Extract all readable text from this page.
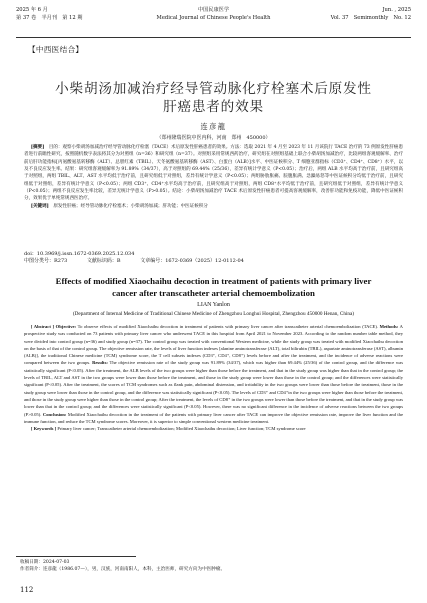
2025 年 6 月
第 37 卷　半月刊　第 12 期
中国民康医学
Medical Journal of Chinese People's Health
Jun. , 2025
Vol. 37　Semimonthly　No. 12
【中西医结合】
小柴胡汤加减治疗经导管动脉化疗栓塞术后原发性
肝癌患者的效果
连彦龍
（郑州隆瑞医院中医内科，河南　郑州　450000）

[摘要]　 目的：观察小柴胡汤加减治疗经导管动脉化疗栓塞（TACE）术后原发性肝癌患者的效果。方法：选取 2021 年 4 月至 2023 年 11 月该院行 TACE 治疗的 73 例原发性肝癌患者进行前瞻性研究，按照随机数字表法将其分为对照组（n=36）和研究组（n=37）。对照组采用常规西药治疗，研究组在对照组基础上联合小柴胡汤加减治疗，比较两组客观缓解率、治疗前后肝功能指标[丙氨酸氨基转移酶（ALT）、总胆红素（TBIL）、天冬氨酸氨基转移酶（AST）、白蛋白（ALB）]水平、中医证候积分、T 细胞亚群指标（CD3⁺、CD4⁺、CD8⁺）水平，以及不良反应发生率。结果：研究组客观缓解率为 91.89%（34/37），高于对照组的 69.44%（25/36），差异有统计学意义（P<0.05）；治疗后，两组 ALB 水平均高于治疗前，且研究组高于对照组，两组 TBIL、ALT、AST 水平均低于治疗前，且研究组低于对照组，差异有统计学意义（P<0.05）；两组胁肋胀痛、脘腹胀满、急躁易怒等中医证候积分均低于治疗前，且研究组低于对照组，差异有统计学意义（P<0.05）；两组 CD3⁺、CD4⁺水平均高于治疗前，且研究组高于对照组，两组 CD8⁺水平均低于治疗前，且研究组低于对照组，差异有统计学意义（P<0.05）；两组不良反应发生率比较，差异无统计学意义（P>0.05）。结论：小柴胡汤加减治疗 TACE 术后原发性肝癌患者可提高客观缓解率，改善肝功能和免疫功能，降低中医证候积分，效果优于单纯常规西医治疗。

[关键词]　 原发性肝癌；经导管动脉化疗栓塞术；小柴胡汤加减；肝功能；中医证候积分

doi：10.3969/j.issn.1672-0369.2025.12.034
中图分类号：R273	文献标识码：B	文章编号：1672-0369（2025）12-0112-04
Effects of modified Xiaochaihu decoction in treatment of patients with primary liver
cancer after transcatheter arterial chemoembolization
LIAN Yanlon
(Department of Internal Medicine of Traditional Chinese Medicine of Zhengzhou Longhui Hospital, Zhengzhou 450000 Henan, China)

[ Abstract ] Objective: To observe effects of modified Xiaochaihu decoction in treatment of patients with primary liver cancer after transcatheter arterial chemoembolization (TACE). Methods: A prospective study was conducted on 73 patients with primary liver cancer who underwent TACE in this hospital from April 2021 to November 2023. According to the random number table method, they were divided into control group (n=36) and study group (n=37). The control group was treated with conventional Western medicine, while the study group was treated with modified Xiaochaihu decoction on the basis of that of the control group. The objective remission rate, the levels of liver function indexes [alanine aminotransferase (ALT), total bilirubin (TBIL), aspartate aminotransferase (AST), albumin (ALB)], the traditional Chinese medicine (TCM) syndrome score, the T cell subsets indexes (CD3⁺, CD4⁺, CD8⁺) levels before and after the treatment, and the incidence of adverse reactions were compared between the two groups. Results: The objective remission rate of the study group was 91.89% (34/37), which was higher than 69.44% (25/36) of the control group, and the difference was statistically significant (P<0.05). After the treatment, the ALB levels of the two groups were higher than those before the treatment, and that in the study group was higher than that in the control group; the levels of TBIL, ALT and AST in the two groups were lower than those before the treatment, and those in the study group were lower than those in the control group; and the differences were statistically significant (P<0.05). After the treatment, the scores of TCM syndromes such as flank pain, abdominal distension, and irritability in the two groups were lower than those before the treatment, those in the study group were lower than those in the control group, and the difference was statistically significant (P<0.05). The levels of CD3⁺ and CD4⁺in the two groups were higher than those before the treatment, and those in the study group were higher than those in the control group; After the treatment, the levels of CD8⁺ in the two groups were lower than those before the treatment, and that in the study group was lower than that in the control group; and the differences were statistically significant (P<0.05). However, there was no significant difference in the incidence of adverse reactions between the two groups (P>0.05). Conclusion: Modified Xiaochaihu decoction in the treatment of the patients with primary liver cancer after TACE can improve the objective remission rate, improve the liver function and the immune function, and reduce the TCM syndrome scores. Moreover, it is superior to simple conventional western medicine treatment.

[ Keywords ] Primary liver cancer; Transcatheter arterial chemoembolization; Modified Xiaochaihu decoction; Liver function; TCM syndrome score

收稿日期：2024-07-03
作者简介：连彦龍（1986.07—），男，汉族，河南南阳人，本科，主治医师，研究方向为中医肿瘤。
112
